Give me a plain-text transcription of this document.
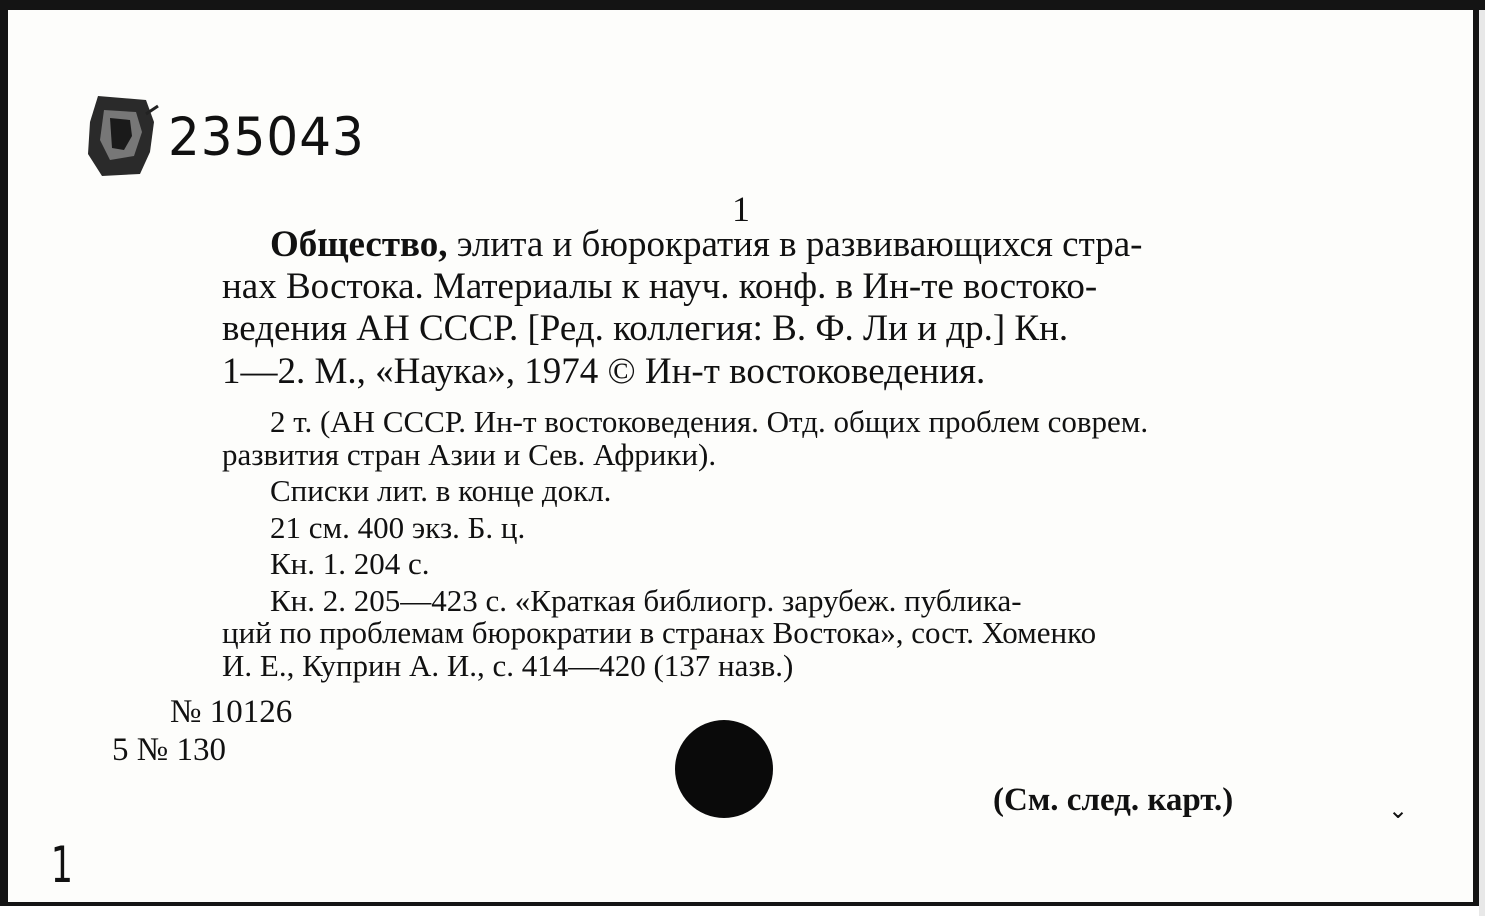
235043
1
Общество, элита и бюрократия в развивающихся стра-
нах Востока. Материалы к науч. конф. в Ин-те востоко-
ведения АН СССР. [Ред. коллегия: В. Ф. Ли и др.] Кн.
1—2. М., «Наука», 1974 © Ин-т востоковедения.
2 т. (АН СССР. Ин-т востоковедения. Отд. общих проблем соврем.
развития стран Азии и Сев. Африки).
Списки лит. в конце докл.
21 см. 400 экз. Б. ц.
Кн. 1. 204 с.
Кн. 2. 205—423 с. «Краткая библиогр. зарубеж. публика-
ций по проблемам бюрократии в странах Востока», сост. Хоменко
И. Е., Куприн А. И., с. 414—420 (137 назв.)
№ 10126
5 № 130
(См. след. карт.)	⌄
1
